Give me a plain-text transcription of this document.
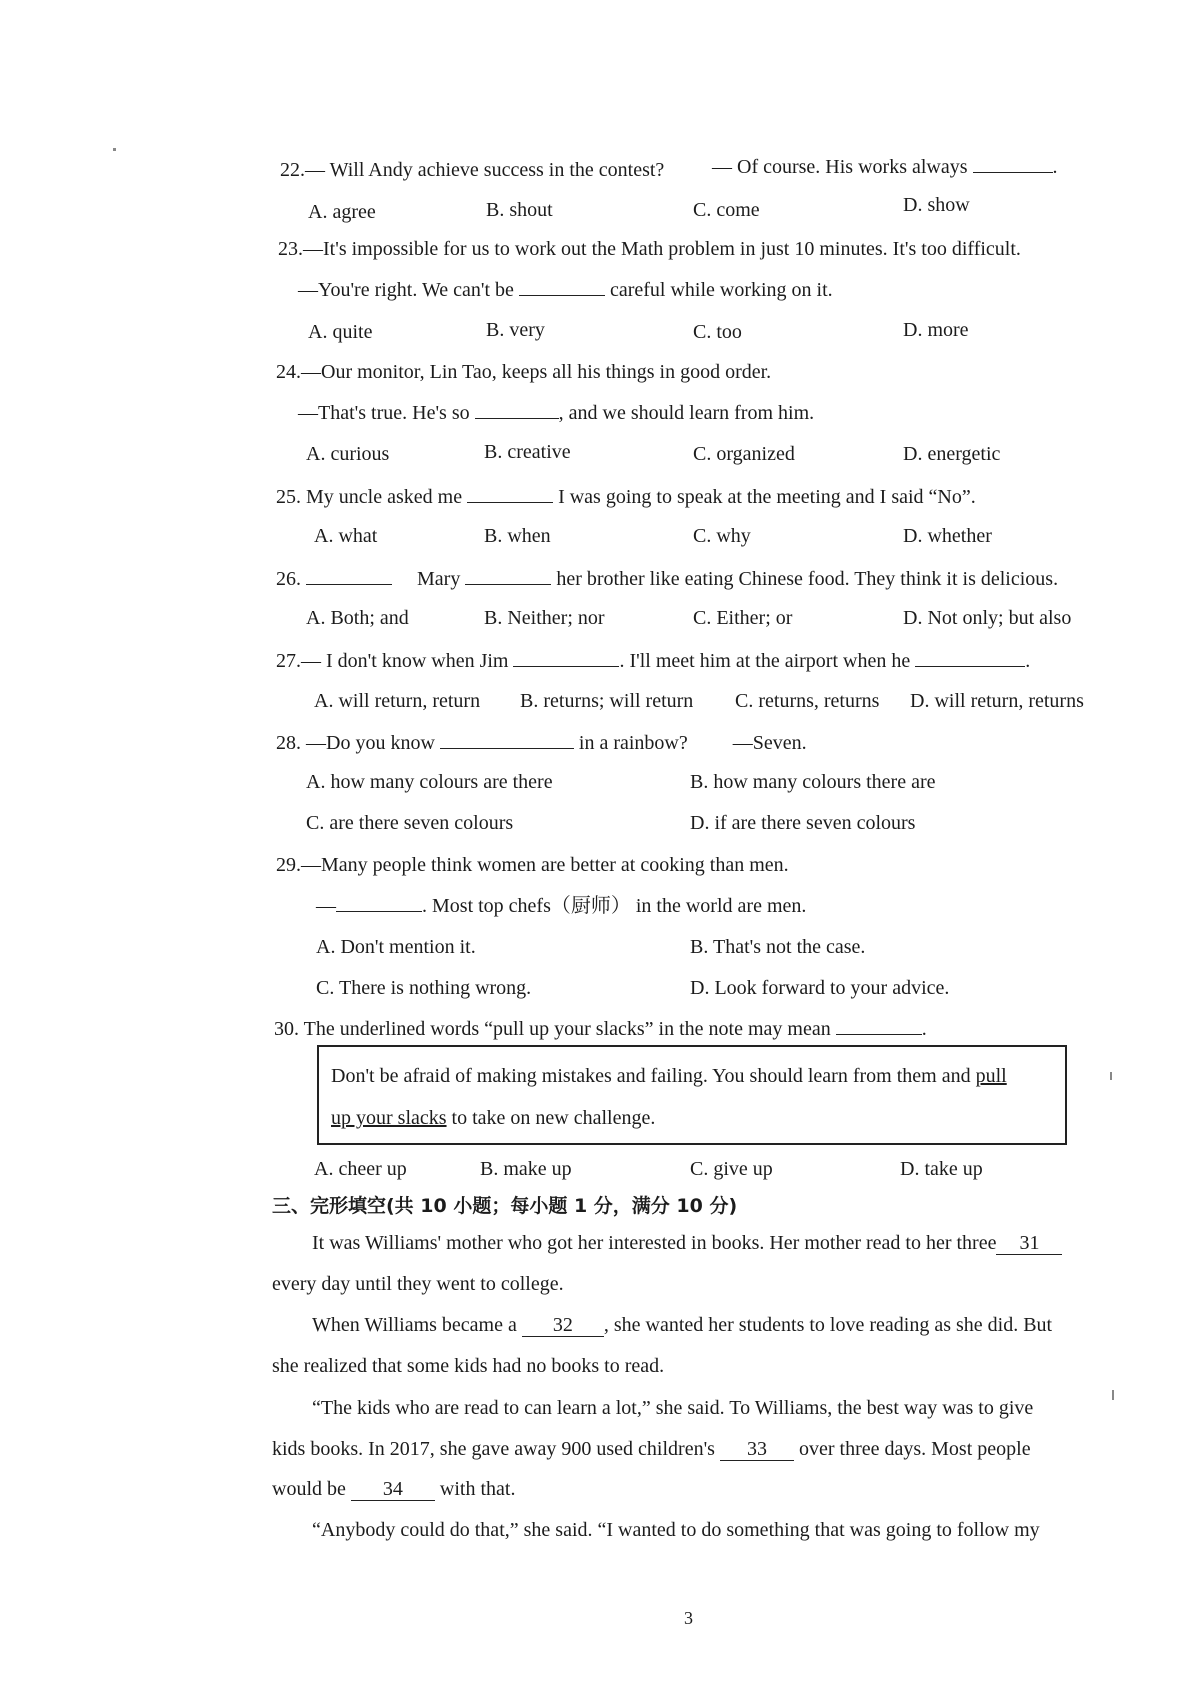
22.— Will Andy achieve success in the contest? — Of course. His works always	.
A. agree	B. shout	C. come	D. show
23.—It's impossible for us to work out the Math problem in just 10 minutes. It's too difficult.
—You're right. We can't be	careful while working on it.
A. quite	B. very	C. too	D. more
24.—Our monitor, Lin Tao, keeps all his things in good order.
—That's true. He's so	, and we should learn from him.
A. curious	B. creative	C. organized	D. energetic
25. My uncle asked me	I was going to speak at the meeting and I said “No”.
A. what	B. when	C. why	D. whether
26.	Mary	her brother like eating Chinese food. They think it is delicious.
A. Both; and	B. Neither; nor	C. Either; or	D. Not only; but also
27.— I don't know when Jim	. I'll meet him at the airport when he	.
A. will return, return B. returns; will return C. returns, returns D. will return, returns
28. —Do you know	in a rainbow? —Seven.
A. how many colours are there	B. how many colours there are
C. are there seven colours	D. if are there seven colours
29.—Many people think women are better at cooking than men.
—	. Most top chefs（厨师） in the world are men.
A. Don't mention it.	B. That's not the case.
C. There is nothing wrong.	D. Look forward to your advice.
30. The underlined words “pull up your slacks” in the note may mean	.
Don't be afraid of making mistakes and failing. You should learn from them and pull
up your slacks to take on new challenge.
A. cheer up	B. make up	C. give up	D. take up
三、完形填空(共 10 小题；每小题 1 分，满分 10 分)
It was Williams' mother who got her interested in books. Her mother read to her three 31
every day until they went to college.
When Williams became a 32 , she wanted her students to love reading as she did. But
she realized that some kids had no books to read.
“The kids who are read to can learn a lot,” she said. To Williams, the best way was to give
kids books. In 2017, she gave away 900 used children's 33 over three days. Most people
would be 34 with that.
“Anybody could do that,” she said. “I wanted to do something that was going to follow my
3
